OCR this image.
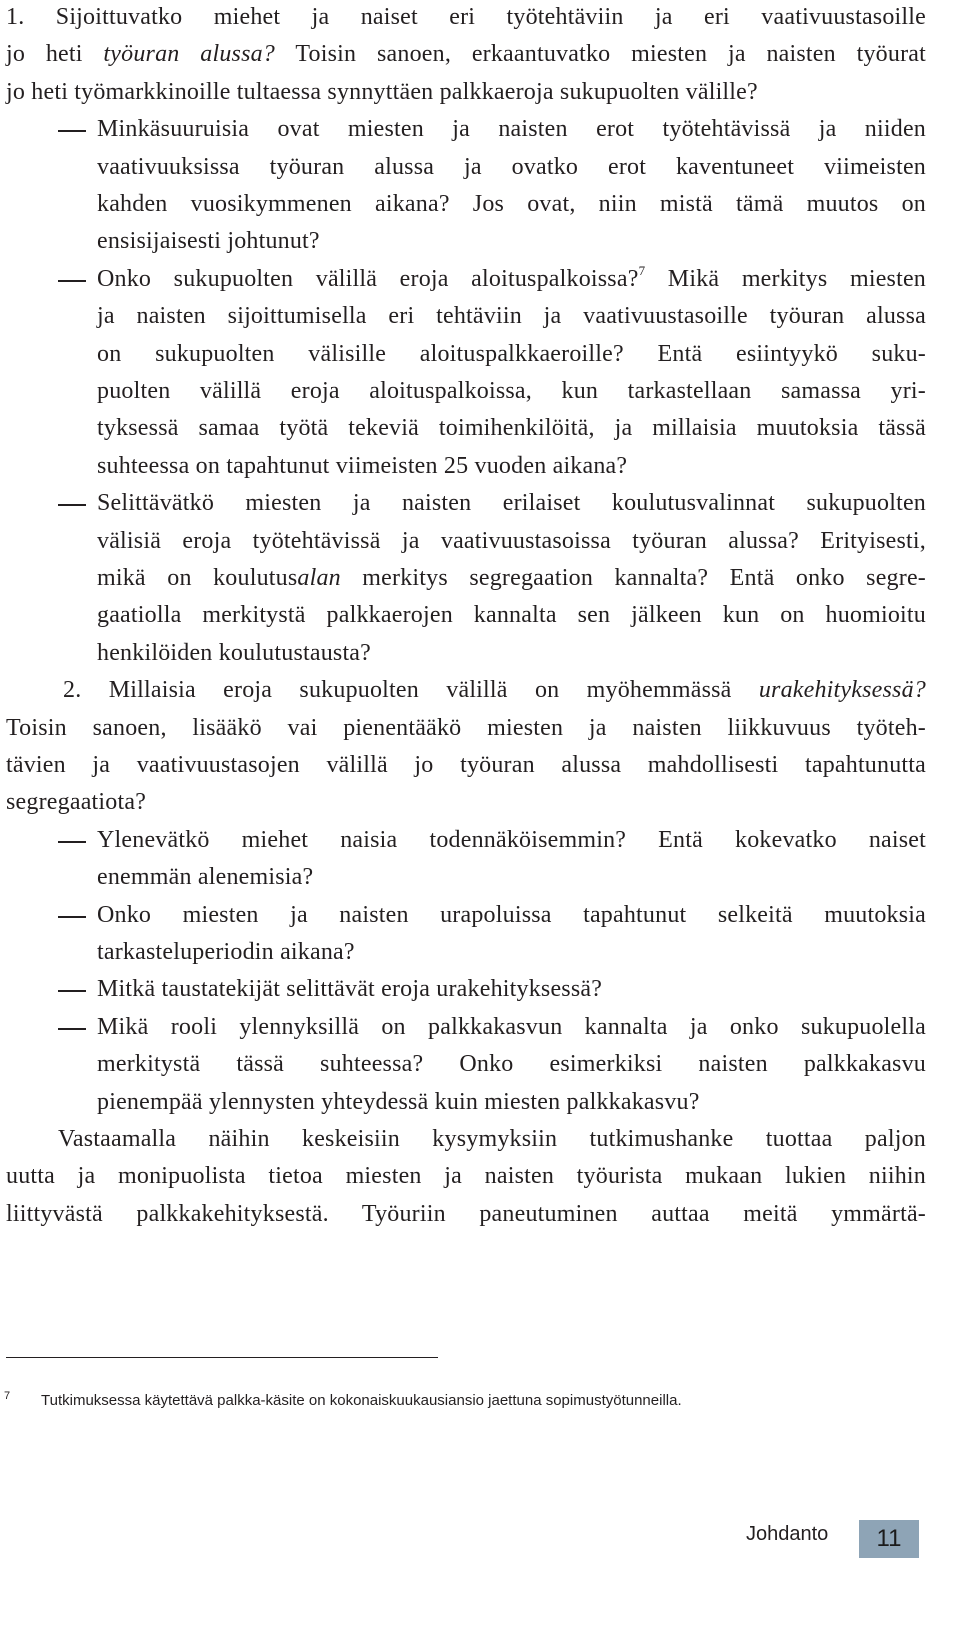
1. Sijoittuvatko miehet ja naiset eri työtehtäviin ja eri vaativuustasoille
jo heti työuran alussa? Toisin sanoen, erkaantuvatko miesten ja naisten työurat
jo heti työmarkkinoille tultaessa synnyttäen palkkaeroja sukupuolten välille?
Minkäsuuruisia ovat miesten ja naisten erot työtehtävissä ja niiden
vaativuuksissa työuran alussa ja ovatko erot kaventuneet viimeisten
kahden vuosikymmenen aikana? Jos ovat, niin mistä tämä muutos on
ensisijaisesti johtunut?
Onko sukupuolten välillä eroja aloituspalkoissa?$^7$ Mikä merkitys miesten
ja naisten sijoittumisella eri tehtäviin ja vaativuustasoille työuran alussa
on sukupuolten välisille aloituspalkkaeroille? Entä esiintyykö suku-
puolten välillä eroja aloituspalkoissa, kun tarkastellaan samassa yri-
tyksessä samaa työtä tekeviä toimihenkilöitä, ja millaisia muutoksia tässä
suhteessa on tapahtunut viimeisten 25 vuoden aikana?
Selittävätkö miesten ja naisten erilaiset koulutusvalinnat sukupuolten
välisiä eroja työtehtävissä ja vaativuustasoissa työuran alussa? Erityisesti,
mikä on koulutusalan merkitys segregaation kannalta? Entä onko segre-
gaatiolla merkitystä palkkaerojen kannalta sen jälkeen kun on huomioitu
henkilöiden koulutustausta?
2. Millaisia eroja sukupuolten välillä on myöhemmässä urakehityksessä?
Toisin sanoen, lisääkö vai pienentääkö miesten ja naisten liikkuvuus työteh-
tävien ja vaativuustasojen välillä jo työuran alussa mahdollisesti tapahtunutta
segregaatiota?
Ylenevätkö miehet naisia todennäköisemmin? Entä kokevatko naiset
enemmän alenemisia?
Onko miesten ja naisten urapoluissa tapahtunut selkeitä muutoksia
tarkasteluperiodin aikana?
Mitkä taustatekijät selittävät eroja urakehityksessä?
Mikä rooli ylennyksillä on palkkakasvun kannalta ja onko sukupuolella
merkitystä tässä suhteessa? Onko esimerkiksi naisten palkkakasvu
pienempää ylennysten yhteydessä kuin miesten palkkakasvu?
Vastaamalla näihin keskeisiin kysymyksiin tutkimushanke tuottaa paljon
uutta ja monipuolista tietoa miesten ja naisten työurista mukaan lukien niihin
liittyvästä palkkakehityksestä. Työuriin paneutuminen auttaa meitä ymmärtä-
7 Tutkimuksessa käytettävä palkka-käsite on kokonaiskuukausiansio jaettuna sopimustyötunneilla.
Johdanto	11
